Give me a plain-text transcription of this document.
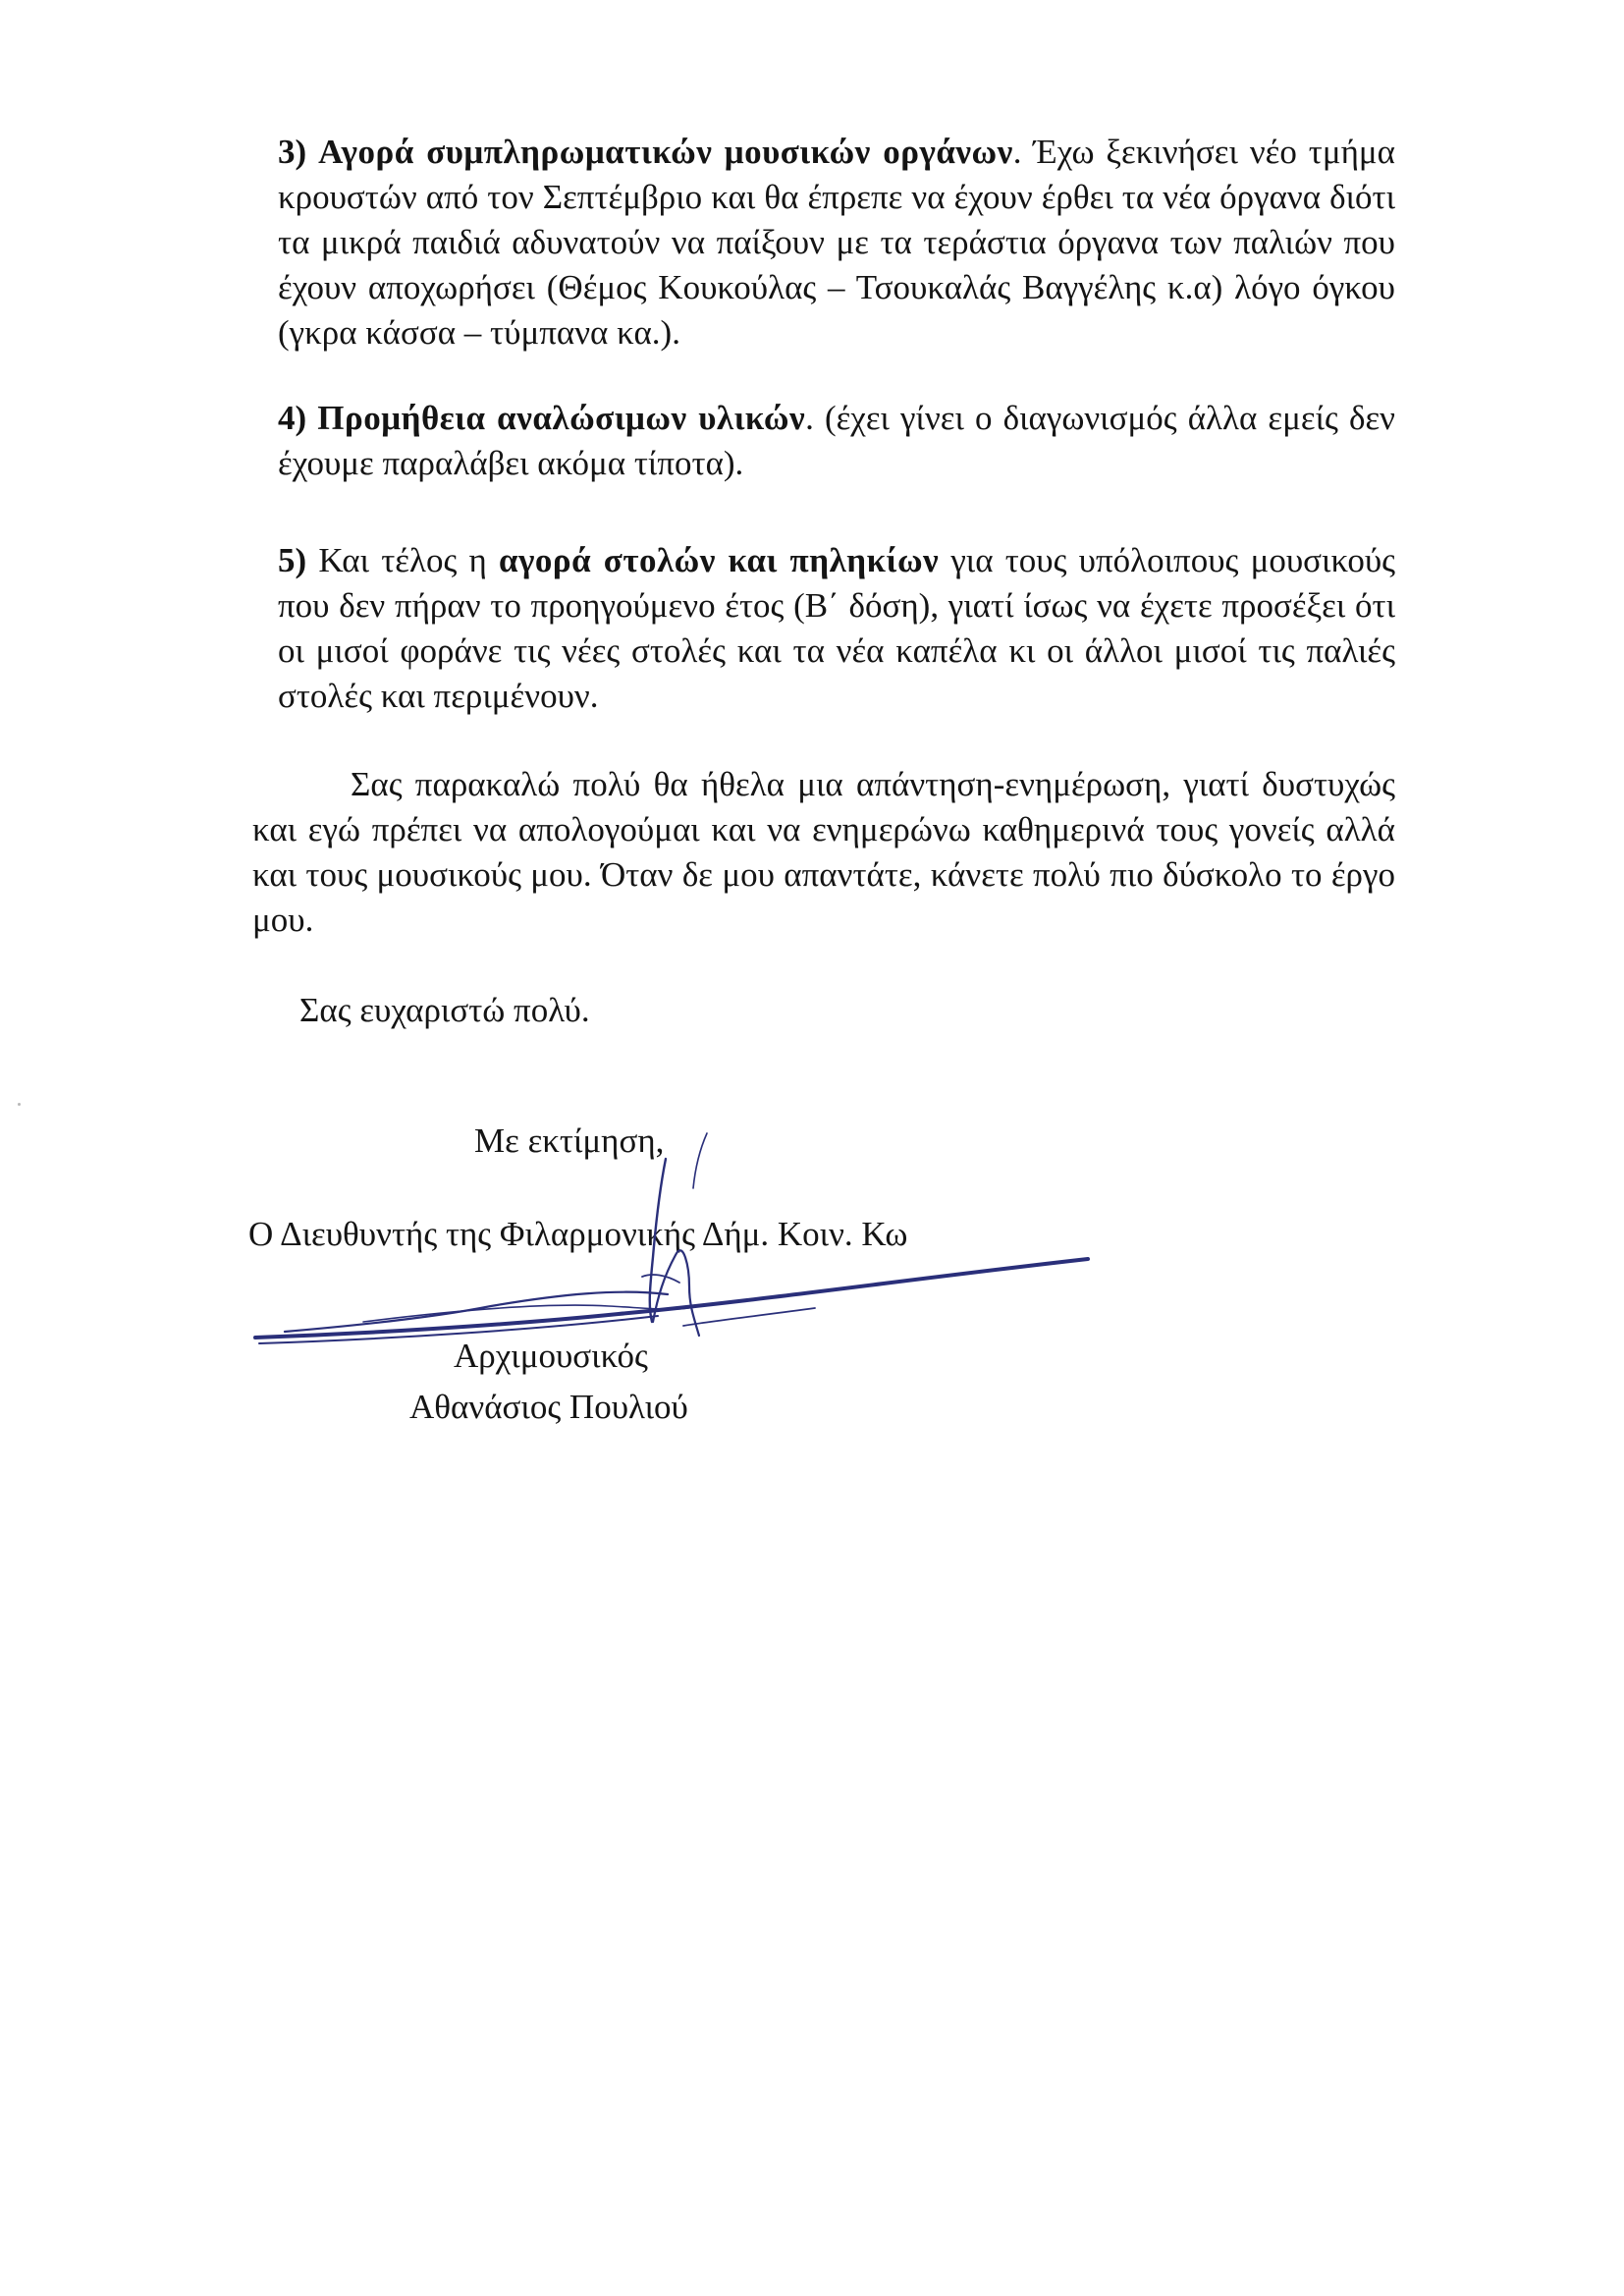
3) Αγορά συμπληρωματικών μουσικών οργάνων. Έχω ξεκινήσει νέο τμήμα κρουστών από τον Σεπτέμβριο και θα έπρεπε να έχουν έρθει τα νέα όργανα διότι τα μικρά παιδιά αδυνατούν να παίξουν με τα τεράστια όργανα των παλιών που έχουν αποχωρήσει (Θέμος Κουκούλας – Τσουκαλάς Βαγγέλης κ.α) λόγο όγκου (γκρα κάσσα – τύμπανα κα.).

4) Προμήθεια αναλώσιμων υλικών. (έχει γίνει ο διαγωνισμός άλλα εμείς δεν έχουμε παραλάβει ακόμα τίποτα).

5) Και τέλος η αγορά στολών και πηληκίων για τους υπόλοιπους μουσικούς που δεν πήραν το προηγούμενο έτος (Β΄ δόση), γιατί ίσως να έχετε προσέξει ότι οι μισοί φοράνε τις νέες στολές και τα νέα καπέλα κι οι άλλοι μισοί τις παλιές στολές και περιμένουν.

Σας παρακαλώ πολύ θα ήθελα μια απάντηση-ενημέρωση, γιατί δυστυχώς και εγώ πρέπει να απολογούμαι και να ενημερώνω καθημερινά τους γονείς αλλά και τους μουσικούς μου. Όταν δε μου απαντάτε, κάνετε πολύ πιο δύσκολο το έργο μου.

Σας ευχαριστώ πολύ.

Με εκτίμηση,

Ο Διευθυντής της Φιλαρμονικής Δήμ. Κοιν. Κω

Αρχιμουσικός

Αθανάσιος Πουλιού
